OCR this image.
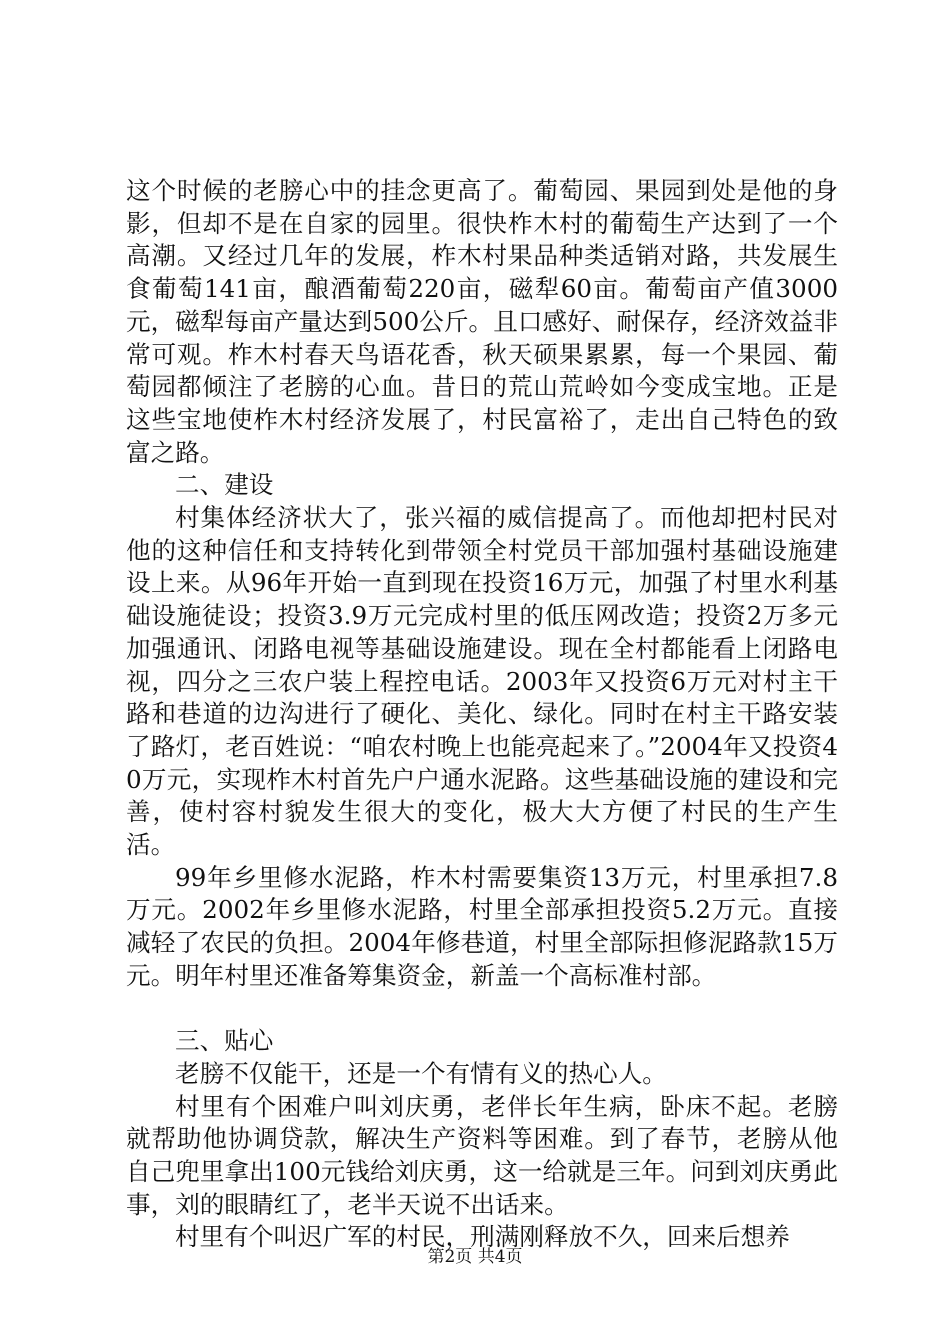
这个时候的老膀心中的挂念更高了。葡萄园、果园到处是他的身影，但却不是在自家的园里。很快柞木村的葡萄生产达到了一个高潮。又经过几年的发展，柞木村果品种类适销对路，共发展生食葡萄141亩，酿酒葡萄220亩，磁犁60亩。葡萄亩产值3000元，磁犁每亩产量达到500公斤。且口感好、耐保存，经济效益非常可观。柞木村春天鸟语花香，秋天硕果累累，每一个果园、葡萄园都倾注了老膀的心血。昔日的荒山荒岭如今变成宝地。正是这些宝地使柞木村经济发展了，村民富裕了，走出自己特色的致富之路。

二、建设

村集体经济状大了，张兴福的威信提高了。而他却把村民对他的这种信任和支持转化到带领全村党员干部加强村基础设施建设上来。从96年开始一直到现在投资16万元，加强了村里水利基础设施徒设；投资3.9万元完成村里的低压网改造；投资2万多元加强通讯、闭路电视等基础设施建设。现在全村都能看上闭路电视，四分之三农户装上程控电话。2003年又投资6万元对村主干路和巷道的边沟进行了硬化、美化、绿化。同时在村主干路安装了路灯，老百姓说：“咱农村晚上也能亮起来了。”2004年又投资40万元，实现柞木村首先户户通水泥路。这些基础设施的建设和完善，使村容村貌发生很大的变化，极大大方便了村民的生产生活。

99年乡里修水泥路，柞木村需要集资13万元，村里承担7.8万元。2002年乡里修水泥路，村里全部承担投资5.2万元。直接减轻了农民的负担。2004年修巷道，村里全部际担修泥路款15万元。明年村里还准备筹集资金，新盖一个高标准村部。

三、贴心

老膀不仅能干，还是一个有情有义的热心人。

村里有个困难户叫刘庆勇，老伴长年生病，卧床不起。老膀就帮助他协调贷款，解决生产资料等困难。到了春节，老膀从他自己兜里拿出100元钱给刘庆勇，这一给就是三年。问到刘庆勇此事，刘的眼睛红了，老半天说不出话来。

村里有个叫迟广军的村民，刑满刚释放不久，回来后想养

第2页 共4页
